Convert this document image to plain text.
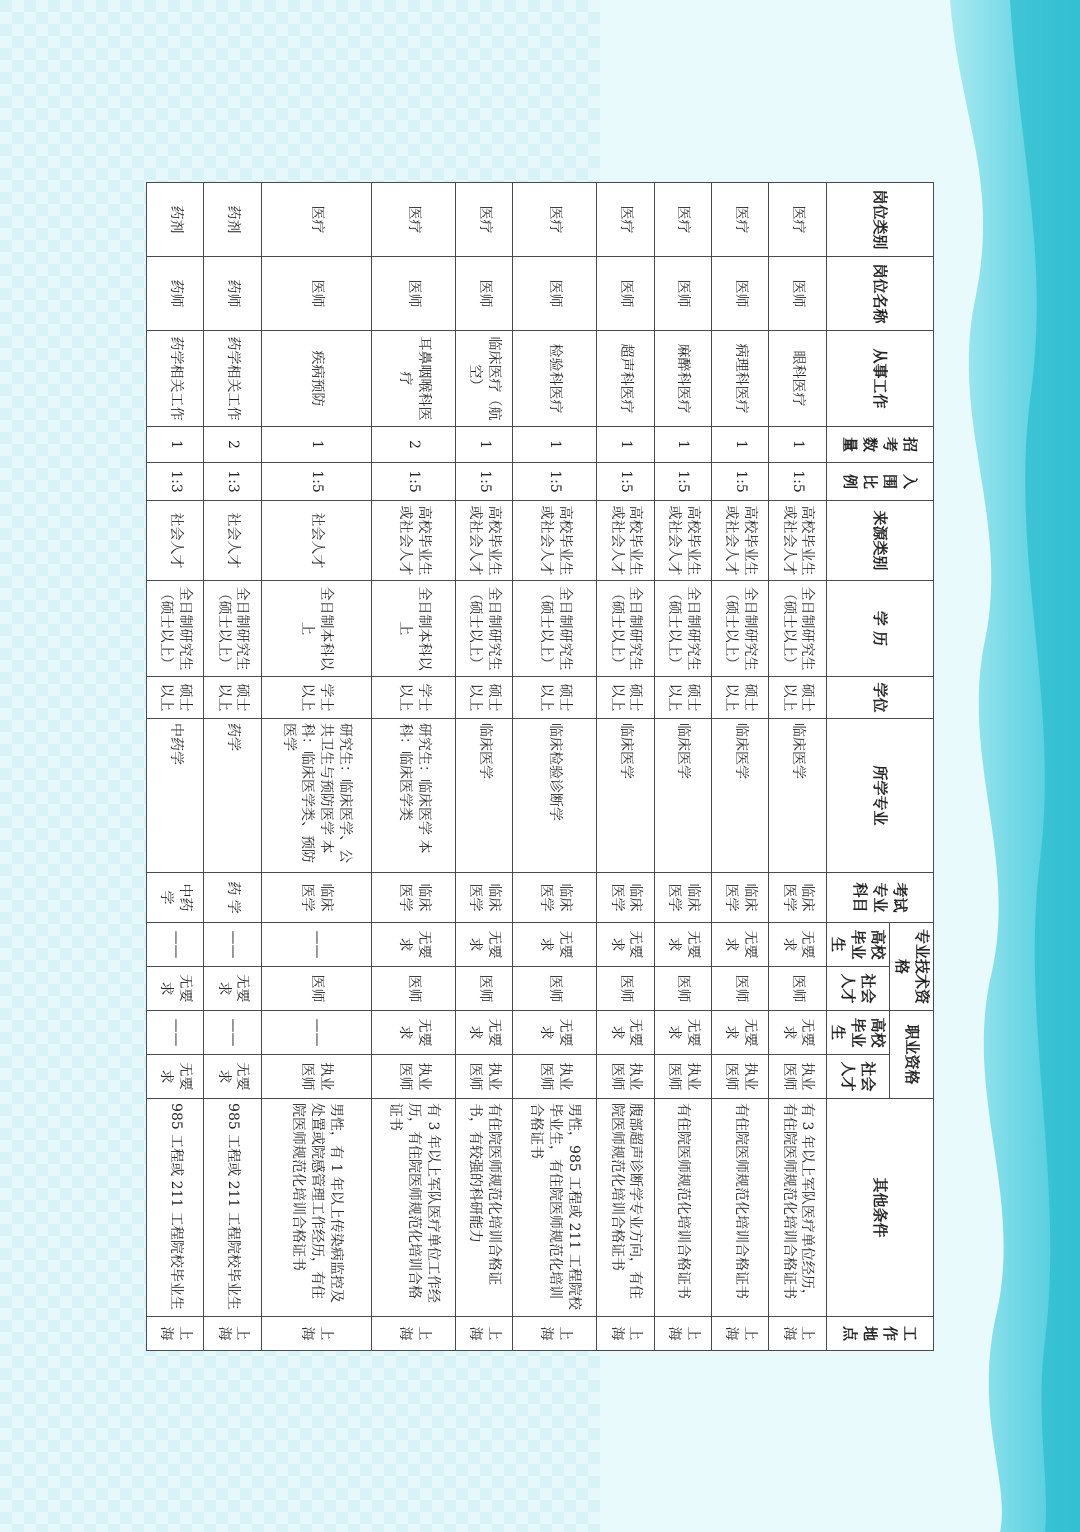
岗位类别	岗位名称	从事工作	招考数量	入围比例	来源类别	学 历	学位	所学专业	考试专业科目	专业技术资格		职业资格		其他条件	工作地点
										高校毕业生	社会人才	高校毕业生	社会人才		
医疗	医师	眼科医疗	1	1:5	高校毕业生或社会人才	全日制研究生（硕士以上）	硕士以上	临床医学	临床医学	无要求	医师	无要求	执业医师	有 3 年以上军队医疗单位经历，有住院医师规范化培训合格证书	上海
医疗	医师	病理科医疗	1	1:5	高校毕业生或社会人才	全日制研究生（硕士以上）	硕士以上	临床医学	临床医学	无要求	医师	无要求	执业医师	有住院医师规范化培训合格证书	上海
医疗	医师	麻醉科医疗	1	1:5	高校毕业生或社会人才	全日制研究生（硕士以上）	硕士以上	临床医学	临床医学	无要求	医师	无要求	执业医师	有住院医师规范化培训合格证书	上海
医疗	医师	超声科医疗	1	1:5	高校毕业生或社会人才	全日制研究生（硕士以上）	硕士以上	临床医学	临床医学	无要求	医师	无要求	执业医师	腹部超声诊断学专业方向，有住院医师规范化培训合格证书	上海
医疗	医师	检验科医疗	1	1:5	高校毕业生或社会人才	全日制研究生（硕士以上）	硕士以上	临床检验诊断学	临床医学	无要求	医师	无要求	执业医师	男性，985 工程或 211 工程院校毕业生，有住院医师规范化培训合格证书	上海
医疗	医师	临床医疗（航空）	1	1:5	高校毕业生或社会人才	全日制研究生（硕士以上）	硕士以上	临床医学	临床医学	无要求	医师	无要求	执业医师	有住院医师规范化培训合格证书，有较强的科研能力	上海
医疗	医师	耳鼻咽喉科医疗	2	1:5	高校毕业生或社会人才	全日制本科以上	学士以上	研究生：临床医学 本科：临床医学类	临床医学	无要求	医师	无要求	执业医师	有 3 年以上军队医疗单位工作经历，有住院医师规范化培训合格证书	上海
医疗	医师	疾病预防	1	1:5	社会人才	全日制本科以上	学士以上	研究生：临床医学、公共卫生与预防医学 本 科：临床医学类、预防医学	临床医学	——	医师	——	执业医师	男性，有 1 年以上传染病监控及处置或院感管理工作经历，有住院医师规范化培训合格证书	上海
药剂	药师	药学相关工作	2	1:3	社会人才	全日制研究生（硕士以上）	硕士以上	药学	药 学	——	无要求	——	无要求	985 工程或 211 工程院校毕业生	上海
药剂	药师	药学相关工作	1	1:3	社会人才	全日制研究生（硕士以上）	硕士以上	中药学	中药学	——	无要求	——	无要求	985 工程或 211 工程院校毕业生	上海
